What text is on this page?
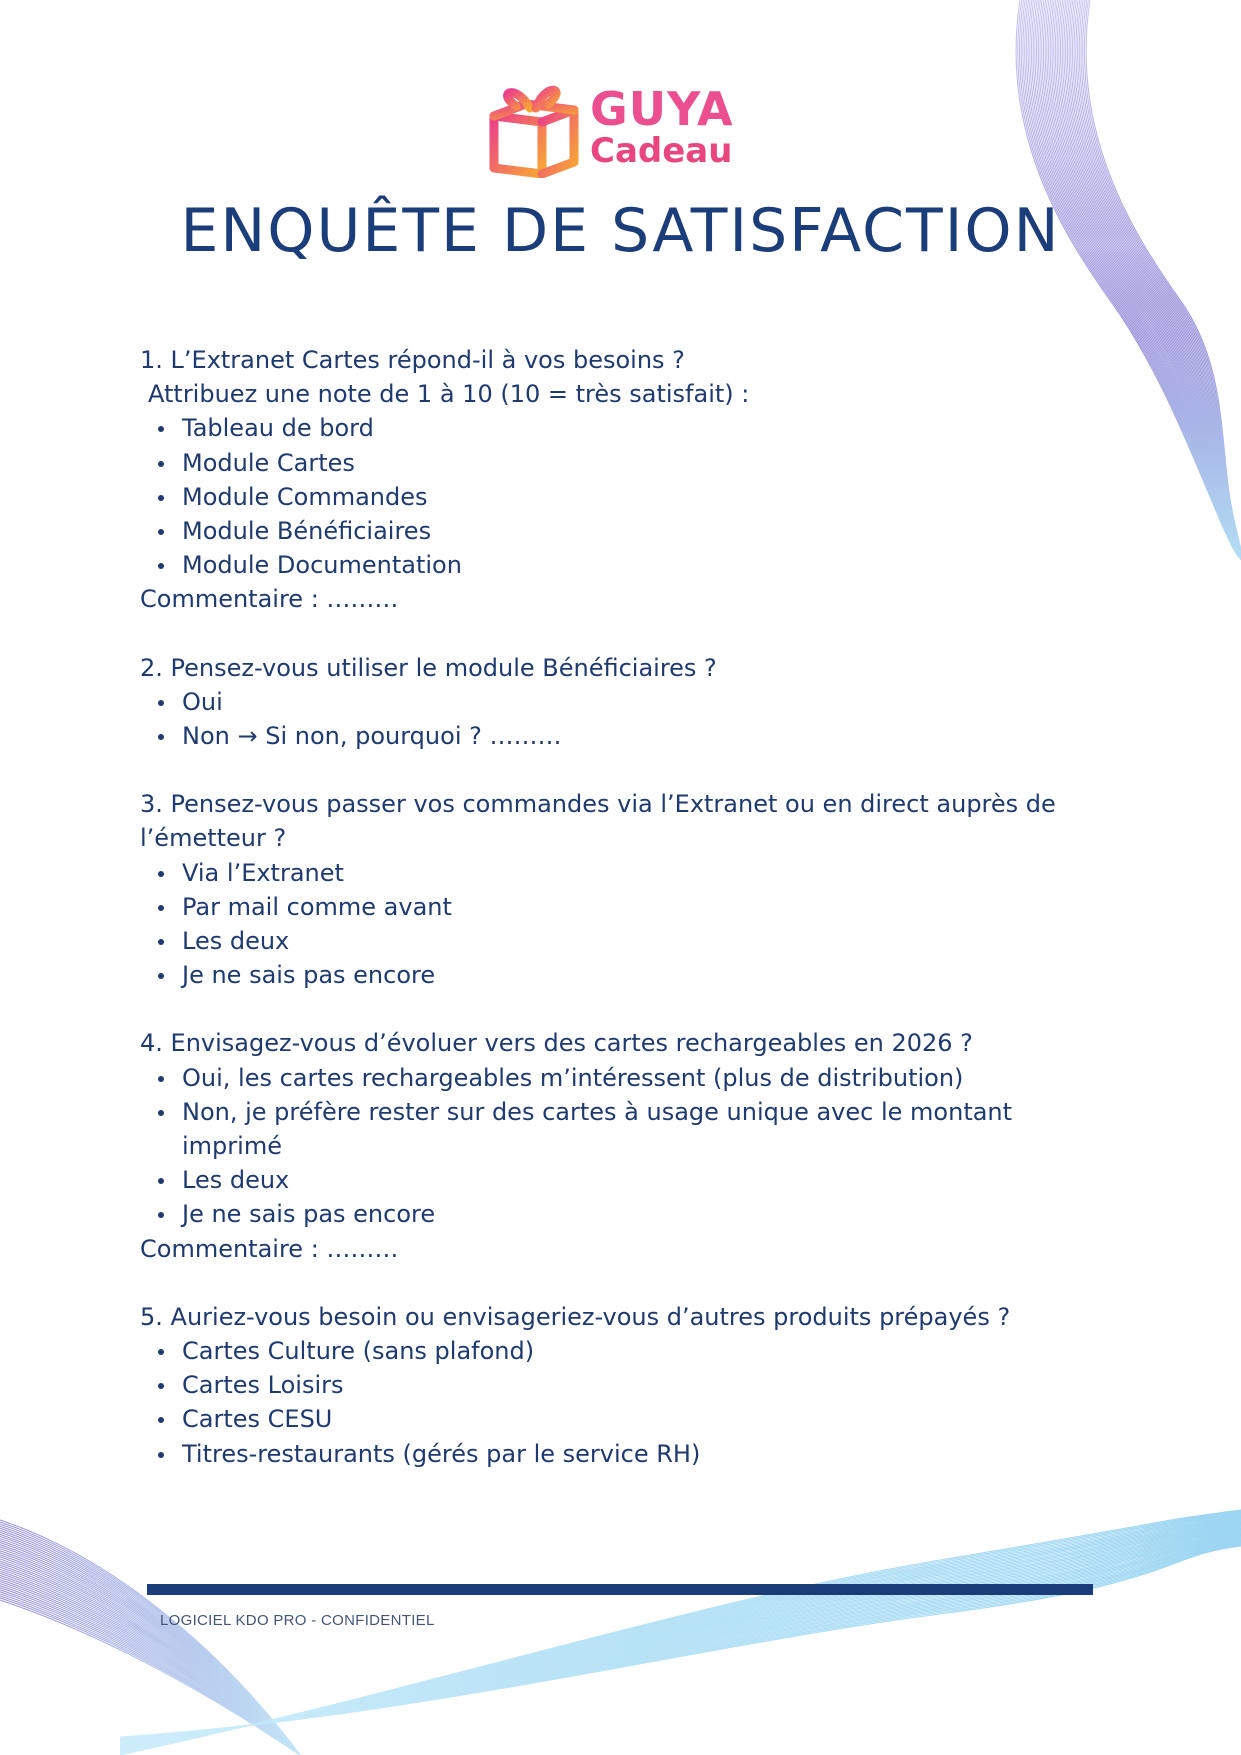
GUYA
Cadeau
ENQUÊTE DE SATISFACTION

1. L’Extranet Cartes répond-il à vos besoins ?

Attribuez une note de 1 à 10 (10 = très satisfait) :

Tableau de bord
Module Cartes
Module Commandes
Module Bénéficiaires
Module Documentation

Commentaire : ………

2. Pensez-vous utiliser le module Bénéficiaires ?

Oui
Non → Si non, pourquoi ? ………

3. Pensez-vous passer vos commandes via l’Extranet ou en direct auprès de l’émetteur ?

Via l’Extranet
Par mail comme avant
Les deux
Je ne sais pas encore

4. Envisagez-vous d’évoluer vers des cartes rechargeables en 2026 ?

Oui, les cartes rechargeables m’intéressent (plus de distribution)
Non, je préfère rester sur des cartes à usage unique avec le montant imprimé
Les deux
Je ne sais pas encore

Commentaire : ………

5. Auriez-vous besoin ou envisageriez-vous d’autres produits prépayés ?

Cartes Culture (sans plafond)
Cartes Loisirs
Cartes CESU
Titres-restaurants (gérés par le service RH)
LOGICIEL KDO PRO - CONFIDENTIEL
